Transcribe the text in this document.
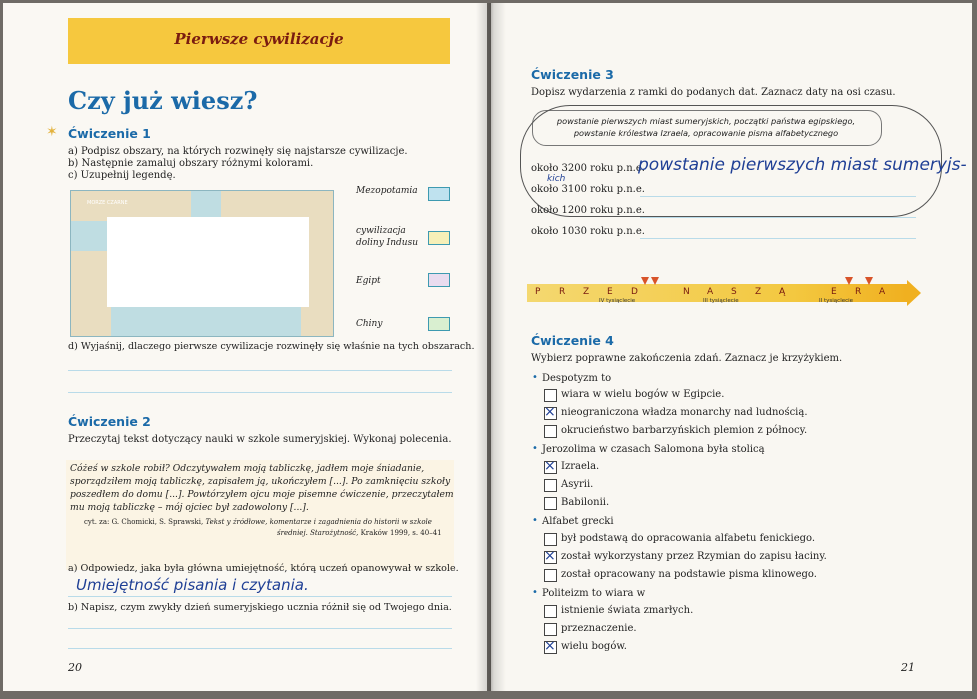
Pierwsze cywilizacje
Czy już wiesz?
✶ Ćwiczenie 1
a) Podpisz obszary, na których rozwinęły się najstarsze cywilizacje.
b) Następnie zamaluj obszary różnymi kolorami.
c) Uzupełnij legendę.
MORZE CZARNE
Mezopotamia
cywilizacja
doliny Indusu
Egipt
Chiny
d) Wyjaśnij, dlaczego pierwsze cywilizacje rozwinęły się właśnie na tych obszarach.
Ćwiczenie 2
Przeczytaj tekst dotyczący nauki w szkole sumeryjskiej. Wykonaj polecenia.
Cóżeś w szkole robił? Odczytywałem moją tabliczkę, jadłem moje śniadanie,
sporządziłem moją tabliczkę, zapisałem ją, ukończyłem [...]. Po zamknięciu szkoły
poszedłem do domu [...]. Powtórzyłem ojcu moje pisemne ćwiczenie, przeczytałem
mu moją tabliczkę – mój ojciec był zadowolony [...].
cyt. za: G. Chomicki, S. Sprawski, Tekst y źródłowe, komentarze i zagadnienia do historii w szkole
średniej. Starożytność, Kraków 1999, s. 40–41
a) Odpowiedz, jaka była główna umiejętność, którą uczeń opanowywał w szkole.
Umiejętność pisania i czytania.
b) Napisz, czym zwykły dzień sumeryjskiego ucznia różnił się od Twojego dnia.
20
Ćwiczenie 3
Dopisz wydarzenia z ramki do podanych dat. Zaznacz daty na osi czasu.
powstanie pierwszych miast sumeryjskich, początki państwa egipskiego,
powstanie królestwa Izraela, opracowanie pisma alfabetycznego
około 3200 roku p.n.e.
powstanie pierwszych miast sumeryjs-
kich
około 3100 roku p.n.e.
około 1200 roku p.n.e.
około 1030 roku p.n.e.
P R Z E D	N A S Z Ą	E R A
IV tysiąclecie	III tysiąclecie	II tysiąclecie
Ćwiczenie 4
Wybierz poprawne zakończenia zdań. Zaznacz je krzyżykiem.
• Despotyzm to
wiara w wielu bogów w Egipcie.
× nieograniczona władza monarchy nad ludnością.
okrucieństwo barbarzyńskich plemion z północy.
• Jerozolima w czasach Salomona była stolicą
× Izraela.
Asyrii.
Babilonii.
• Alfabet grecki
był podstawą do opracowania alfabetu fenickiego.
× został wykorzystany przez Rzymian do zapisu łaciny.
został opracowany na podstawie pisma klinowego.
• Politeizm to wiara w
istnienie świata zmarłych.
przeznaczenie.
× wielu bogów.
21
